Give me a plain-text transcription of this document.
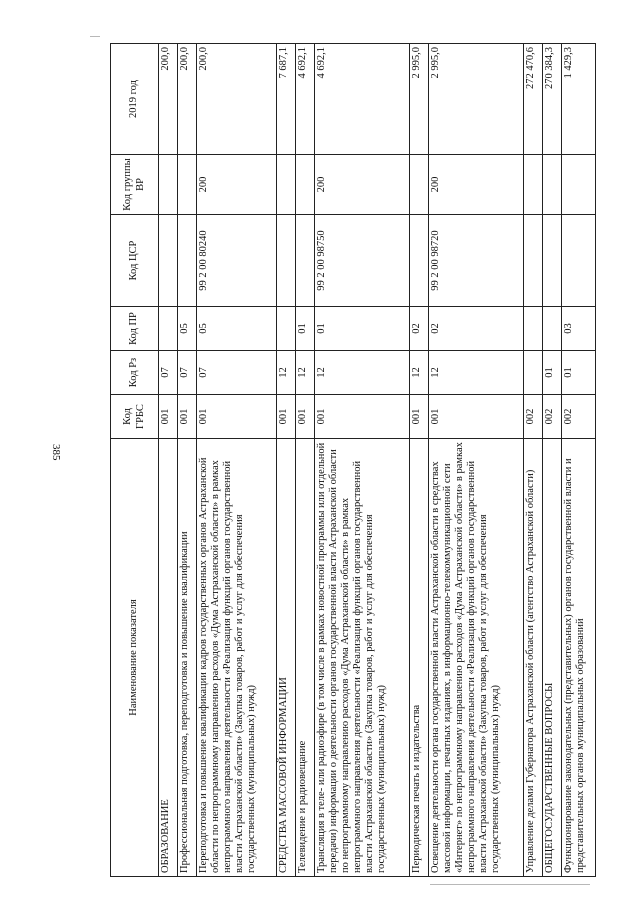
385
Наименование показателя	Код ГРБС	Код Рз	Код ПР	Код ЦСР	Код группы ВР	2019 год
ОБРАЗОВАНИЕ	001	07				200,0
Профессиональная подготовка, переподготовка и повышение квалификации	001	07	05			200,0
Переподготовка и повышение квалификации кадров государственных органов Астраханской области по непрограммному направлению расходов «Дума Астраханской области» в рамках непрограммного направления деятельности «Реализация функций органов государственной власти Астраханской области» (Закупка товаров, работ и услуг для обеспечения государственных (муниципальных) нужд)	001	07	05	99 2 00 80240	200	200,0
СРЕДСТВА МАССОВОЙ ИНФОРМАЦИИ	001	12				7 687,1
Телевидение и радиовещание	001	12	01			4 692,1
Трансляция в теле- или радиоэфире (в том числе в рамках новостной программы или отдельной передачи) информации о деятельности органов государственной власти Астраханской области по непрограммному направлению расходов «Дума Астраханской области» в рамках непрограммного направления деятельности «Реализация функций органов государственной власти Астраханской области» (Закупка товаров, работ и услуг для обеспечения государственных (муниципальных) нужд)	001	12	01	99 2 00 98750	200	4 692,1
Периодическая печать и издательства	001	12	02			2 995,0
Освещение деятельности органа государственной власти Астраханской области в средствах массовой информации, печатных изданиях, в информационно-телекоммуникационной сети «Интернет» по непрограммному направлению расходов «Дума Астраханской области» в рамках непрограммного направления деятельности «Реализация функций органов государственной власти Астраханской области» (Закупка товаров, работ и услуг для обеспечения государственных (муниципальных) нужд)	001	12	02	99 2 00 98720	200	2 995,0
Управление делами Губернатора Астраханской области (агентство Астраханской области)	002					272 470,6
ОБЩЕГОСУДАРСТВЕННЫЕ ВОПРОСЫ	002	01				270 384,3
Функционирование законодательных (представительных) органов государственной власти и представительных органов муниципальных образований	002	01	03			1 429,3
